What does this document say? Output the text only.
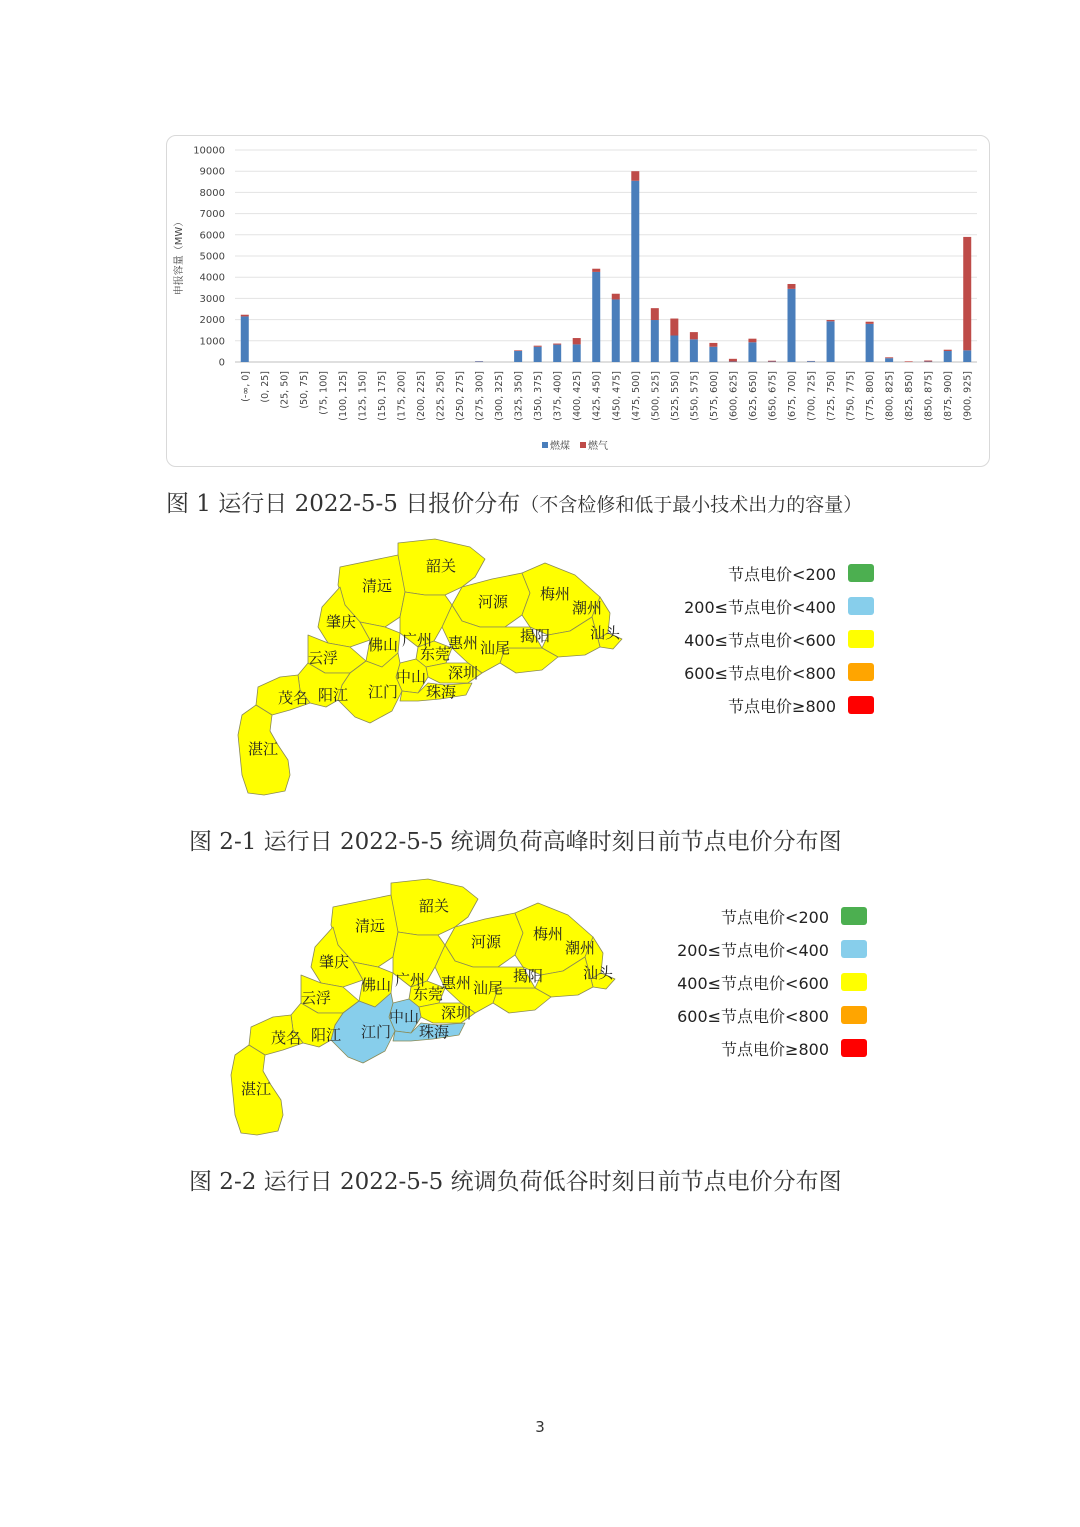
0
1000
2000
3000
4000
5000
6000
7000
8000
9000
10000
申报容量（MW）
(-∞, 0] (0, 25] (25, 50] (50, 75] (75, 100] (100, 125] (125, 150] (150, 175] (175, 200] (200, 225] (225, 250] (250, 275] (275, 300] (300, 325] (325, 350] (350, 375] (375, 400] (400, 425] (425, 450] (450, 475] (475, 500] (500, 525] (525, 550] (550, 575] (575, 600] (600, 625] (625, 650] (650, 675] (675, 700] (700, 725] (725, 750] (750, 775] (775, 800] (800, 825] (825, 850] (850, 875] (875, 900] (900, 925]
燃煤 燃气
图 1 运行日 2022-5-5 日报价分布（不含检修和低于最小技术出力的容量）
韶关
清远
河源 梅州
潮州
汕头
揭阳
汕尾
惠州
肇庆
佛山 广州
东莞
深圳
云浮
中山
江门 珠海
阳江
茂名
湛江
节点电价<200
200≤节点电价<400
400≤节点电价<600
600≤节点电价<800
节点电价≥800
图 2-1 运行日 2022-5-5 统调负荷高峰时刻日前节点电价分布图
韶关
清远
河源 梅州
潮州
汕头
揭阳
汕尾
惠州
肇庆
佛山 广州
东莞
深圳
云浮
中山
江门 珠海
阳江
茂名
湛江
节点电价<200
200≤节点电价<400
400≤节点电价<600
600≤节点电价<800
节点电价≥800
图 2-2 运行日 2022-5-5 统调负荷低谷时刻日前节点电价分布图
3
